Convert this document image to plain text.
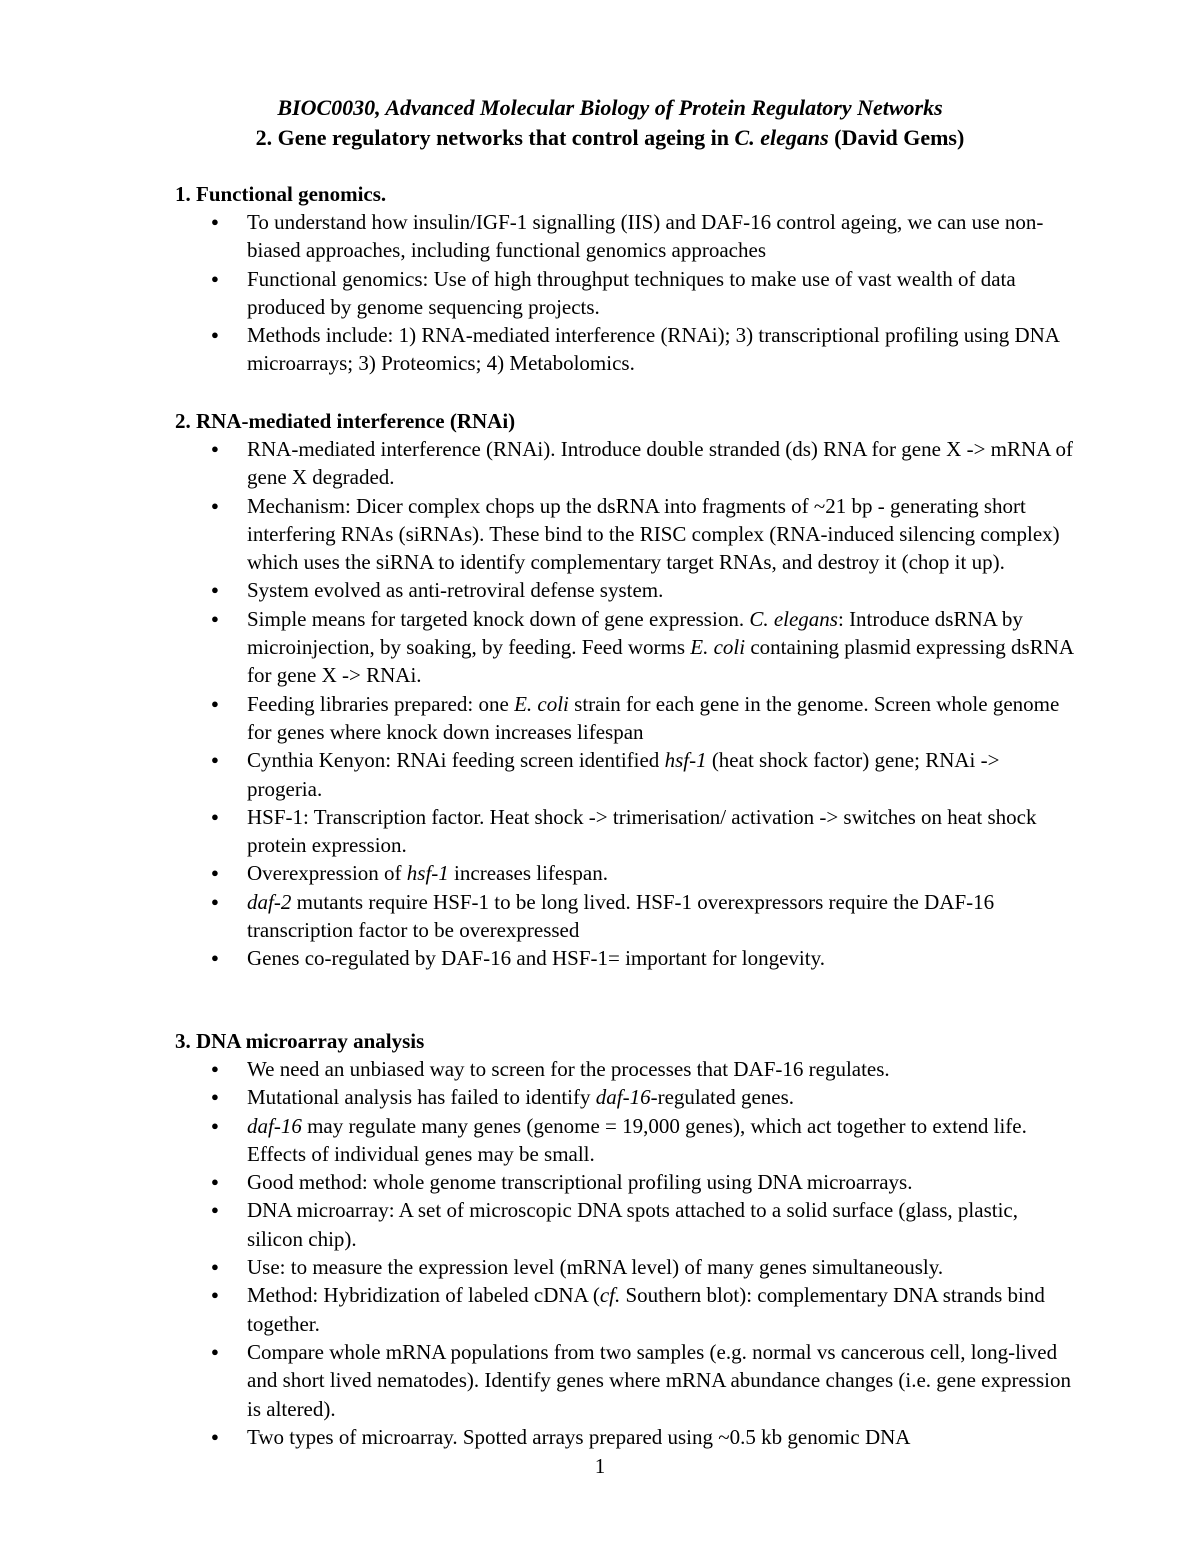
BIOC0030, Advanced Molecular Biology of Protein Regulatory Networks
2. Gene regulatory networks that control ageing in C. elegans (David Gems)
1. Functional genomics.
● To understand how insulin/IGF-1 signalling (IIS) and DAF-16 control ageing, we can use non-biased approaches, including functional genomics approaches
● Functional genomics: Use of high throughput techniques to make use of vast wealth of data produced by genome sequencing projects.
● Methods include: 1) RNA-mediated interference (RNAi); 3) transcriptional profiling using DNA microarrays; 3) Proteomics; 4) Metabolomics.
2. RNA-mediated interference (RNAi)
● RNA-mediated interference (RNAi). Introduce double stranded (ds) RNA for gene X -> mRNA of gene X degraded.
● Mechanism: Dicer complex chops up the dsRNA into fragments of ~21 bp - generating short interfering RNAs (siRNAs). These bind to the RISC complex (RNA-induced silencing complex) which uses the siRNA to identify complementary target RNAs, and destroy it (chop it up).
● System evolved as anti-retroviral defense system.
● Simple means for targeted knock down of gene expression. C. elegans: Introduce dsRNA by microinjection, by soaking, by feeding. Feed worms E. coli containing plasmid expressing dsRNA for gene X -> RNAi.
● Feeding libraries prepared: one E. coli strain for each gene in the genome. Screen whole genome for genes where knock down increases lifespan
● Cynthia Kenyon: RNAi feeding screen identified hsf-1 (heat shock factor) gene; RNAi -> progeria.
● HSF-1: Transcription factor. Heat shock -> trimerisation/ activation -> switches on heat shock protein expression.
● Overexpression of hsf-1 increases lifespan.
● daf-2 mutants require HSF-1 to be long lived. HSF-1 overexpressors require the DAF-16 transcription factor to be overexpressed
● Genes co-regulated by DAF-16 and HSF-1= important for longevity.
3. DNA microarray analysis
● We need an unbiased way to screen for the processes that DAF-16 regulates.
● Mutational analysis has failed to identify daf-16-regulated genes.
● daf-16 may regulate many genes (genome = 19,000 genes), which act together to extend life. Effects of individual genes may be small.
● Good method: whole genome transcriptional profiling using DNA microarrays.
● DNA microarray: A set of microscopic DNA spots attached to a solid surface (glass, plastic, silicon chip).
● Use: to measure the expression level (mRNA level) of many genes simultaneously.
● Method: Hybridization of labeled cDNA (cf. Southern blot): complementary DNA strands bind together.
● Compare whole mRNA populations from two samples (e.g. normal vs cancerous cell, long-lived and short lived nematodes). Identify genes where mRNA abundance changes (i.e. gene expression is altered).
● Two types of microarray. Spotted arrays prepared using ~0.5 kb genomic DNA
1
